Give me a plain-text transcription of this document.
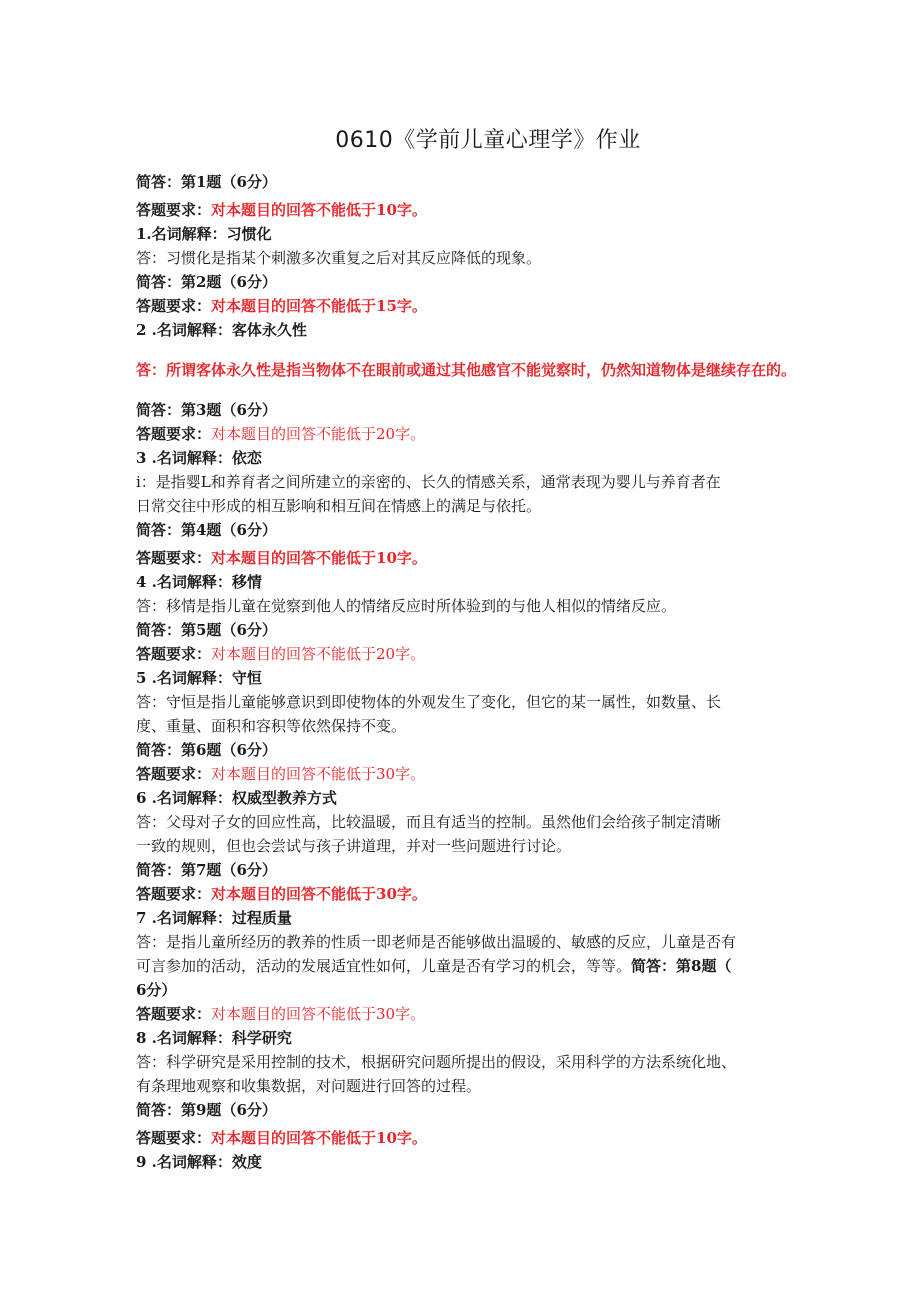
0610《学前儿童心理学》作业

简答：第1题（6分）

答题要求：对本题目的回答不能低于10字。

1.名词解释：习惯化

答：习惯化是指某个刺激多次重复之后对其反应降低的现象。

简答：第2题（6分）

答题要求：对本题目的回答不能低于15字。

2 .名词解释：客体永久性

答：所谓客体永久性是指当物体不在眼前或通过其他感官不能觉察时，仍然知道物体是继续存在的。

简答：第3题（6分）

答题要求：对本题目的回答不能低于20字。

3 .名词解释：依恋

i：是指婴L和养育者之间所建立的亲密的、长久的情感关系，通常表现为婴儿与养育者在

日常交往中形成的相互影响和相互间在情感上的满足与依托。

简答：第4题（6分）

答题要求：对本题目的回答不能低于10字。

4 .名词解释：移情

答：移情是指儿童在觉察到他人的情绪反应时所体验到的与他人相似的情绪反应。

简答：第5题（6分）

答题要求：对本题目的回答不能低于20字。

5 .名词解释：守恒

答：守恒是指儿童能够意识到即使物体的外观发生了变化，但它的某一属性，如数量、长

度、重量、面积和容积等依然保持不变。

简答：第6题（6分）

答题要求：对本题目的回答不能低于30字。

6 .名词解释：权威型教养方式

答：父母对子女的回应性高，比较温暖，而且有适当的控制。虽然他们会给孩子制定清晰

一致的规则，但也会尝试与孩子讲道理，并对一些问题进行讨论。

简答：第7题（6分）

答题要求：对本题目的回答不能低于30字。

7 .名词解释：过程质量

答：是指儿童所经历的教养的性质一即老师是否能够做出温暖的、敏感的反应，儿童是否有

可言参加的活动，活动的发展适宜性如何，儿童是否有学习的机会，等等。简答：第8题（

6分）

答题要求：对本题目的回答不能低于30字。

8 .名词解释：科学研究

答：科学研究是采用控制的技术，根据研究问题所提出的假设，采用科学的方法系统化地、

有条理地观察和收集数据，对问题进行回答的过程。

简答：第9题（6分）

答题要求：对本题目的回答不能低于10字。

9 .名词解释：效度
